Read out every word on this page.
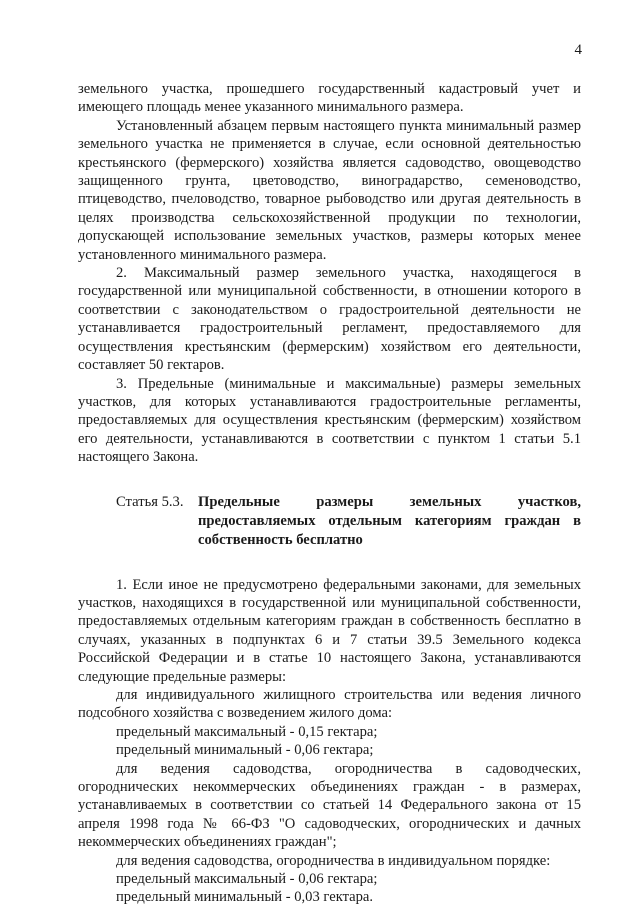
4

земельного участка, прошедшего государственный кадастровый учет и имеющего площадь менее указанного минимального размера.

Установленный абзацем первым настоящего пункта минимальный размер земельного участка не применяется в случае, если основной деятельностью крестьянского (фермерского) хозяйства является садоводство, овощеводство защищенного грунта, цветоводство, виноградарство, семеноводство, птицеводство, пчеловодство, товарное рыбоводство или другая деятельность в целях производства сельскохозяйственной продукции по технологии, допускающей использование земельных участков, размеры которых менее установленного минимального размера.

2. Максимальный размер земельного участка, находящегося в государственной или муниципальной собственности, в отношении которого в соответствии с законодательством о градостроительной деятельности не устанавливается градостроительный регламент, предоставляемого для осуществления крестьянским (фермерским) хозяйством его деятельности, составляет 50 гектаров.

3. Предельные (минимальные и максимальные) размеры земельных участков, для которых устанавливаются градостроительные регламенты, предоставляемых для осуществления крестьянским (фермерским) хозяйством его деятельности, устанавливаются в соответствии с пунктом 1 статьи 5.1 настоящего Закона.

Статья 5.3. Предельные размеры земельных участков, предоставляемых отдельным категориям граждан в собственность бесплатно

1. Если иное не предусмотрено федеральными законами, для земельных участков, находящихся в государственной или муниципальной собственности, предоставляемых отдельным категориям граждан в собственность бесплатно в случаях, указанных в подпунктах 6 и 7 статьи 39.5 Земельного кодекса Российской Федерации и в статье 10 настоящего Закона, устанавливаются следующие предельные размеры:

для индивидуального жилищного строительства или ведения личного подсобного хозяйства с возведением жилого дома:

предельный максимальный - 0,15 гектара;

предельный минимальный - 0,06 гектара;

для ведения садоводства, огородничества в садоводческих, огороднических некоммерческих объединениях граждан - в размерах, устанавливаемых в соответствии со статьей 14 Федерального закона от 15 апреля 1998 года № 66-ФЗ "О садоводческих, огороднических и дачных некоммерческих объединениях граждан";

для ведения садоводства, огородничества в индивидуальном порядке:

предельный максимальный - 0,06 гектара;

предельный минимальный - 0,03 гектара.
